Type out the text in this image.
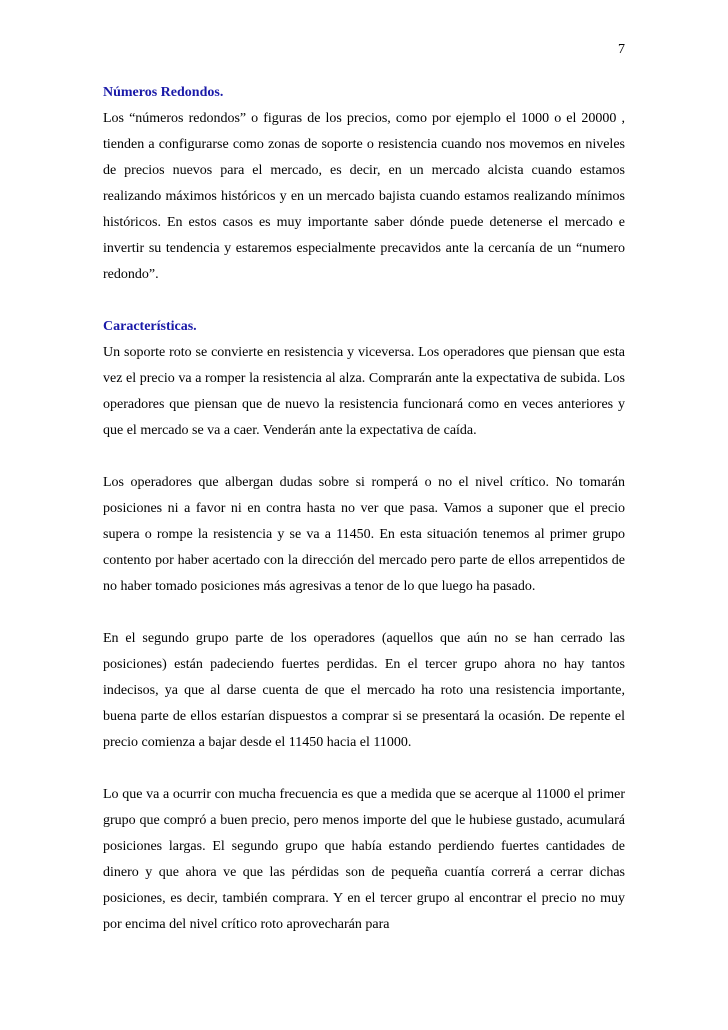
7
Números Redondos.

Los “números redondos” o figuras de los precios, como por ejemplo el 1000 o el 20000 , tienden a configurarse como zonas de soporte o resistencia cuando nos movemos en niveles de precios nuevos para el mercado, es decir, en un mercado alcista cuando estamos realizando máximos históricos y en un mercado bajista cuando estamos realizando mínimos históricos. En estos casos es muy importante saber dónde puede detenerse el mercado e invertir su tendencia y estaremos especialmente precavidos ante la cercanía de un “numero redondo”.

Características.

Un soporte roto se convierte en resistencia y viceversa. Los operadores que piensan que esta vez el precio va a romper la resistencia al alza. Comprarán ante la expectativa de subida. Los operadores que piensan que de nuevo la resistencia funcionará como en veces anteriores y que el mercado se va a caer. Venderán ante la expectativa de caída.

Los operadores que albergan dudas sobre si romperá o no el nivel crítico. No tomarán posiciones ni a favor ni en contra hasta no ver que pasa. Vamos a suponer que el precio supera o rompe la resistencia y se va a 11450. En esta situación tenemos al primer grupo contento por haber acertado con la dirección del mercado pero parte de ellos arrepentidos de no haber tomado posiciones más agresivas a tenor de lo que luego ha pasado.

En el segundo grupo parte de los operadores (aquellos que aún no se han cerrado las posiciones) están padeciendo fuertes perdidas. En el tercer grupo ahora no hay tantos indecisos, ya que al darse cuenta de que el mercado ha roto una resistencia importante, buena parte de ellos estarían dispuestos a comprar si se presentará la ocasión. De repente el precio comienza a bajar desde el 11450 hacia el 11000.

Lo que va a ocurrir con mucha frecuencia es que a medida que se acerque al 11000 el primer grupo que compró a buen precio, pero menos importe del que le hubiese gustado, acumulará posiciones largas. El segundo grupo que había estando perdiendo fuertes cantidades de dinero y que ahora ve que las pérdidas son de pequeña cuantía correrá a cerrar dichas posiciones, es decir, también comprara. Y en el tercer grupo al encontrar el precio no muy por encima del nivel crítico roto aprovecharán para
